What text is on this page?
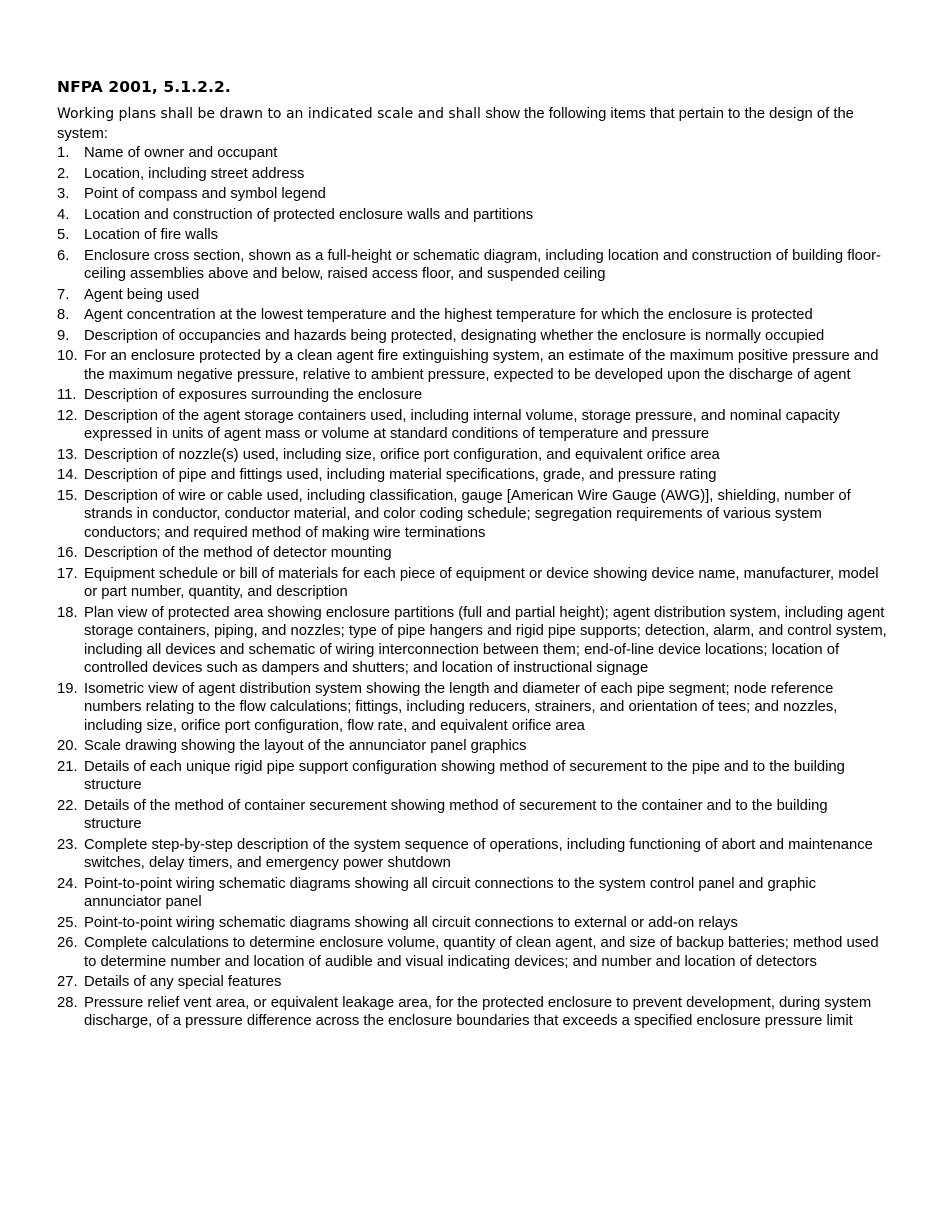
NFPA 2001, 5.1.2.2.

Working plans shall be drawn to an indicated scale and shall show the following items that pertain to the design of the system:

1. Name of owner and occupant
2. Location, including street address
3. Point of compass and symbol legend
4. Location and construction of protected enclosure walls and partitions
5. Location of fire walls
6. Enclosure cross section, shown as a full-height or schematic diagram, including location and construction of building floor-ceiling assemblies above and below, raised access floor, and suspended ceiling
7. Agent being used
8. Agent concentration at the lowest temperature and the highest temperature for which the enclosure is protected
9. Description of occupancies and hazards being protected, designating whether the enclosure is normally occupied
10. For an enclosure protected by a clean agent fire extinguishing system, an estimate of the maximum positive pressure and the maximum negative pressure, relative to ambient pressure, expected to be developed upon the discharge of agent
11. Description of exposures surrounding the enclosure
12. Description of the agent storage containers used, including internal volume, storage pressure, and nominal capacity expressed in units of agent mass or volume at standard conditions of temperature and pressure
13. Description of nozzle(s) used, including size, orifice port configuration, and equivalent orifice area
14. Description of pipe and fittings used, including material specifications, grade, and pressure rating
15. Description of wire or cable used, including classification, gauge [American Wire Gauge (AWG)], shielding, number of strands in conductor, conductor material, and color coding schedule; segregation requirements of various system conductors; and required method of making wire terminations
16. Description of the method of detector mounting
17. Equipment schedule or bill of materials for each piece of equipment or device showing device name, manufacturer, model or part number, quantity, and description
18. Plan view of protected area showing enclosure partitions (full and partial height); agent distribution system, including agent storage containers, piping, and nozzles; type of pipe hangers and rigid pipe supports; detection, alarm, and control system, including all devices and schematic of wiring interconnection between them; end-of-line device locations; location of controlled devices such as dampers and shutters; and location of instructional signage
19. Isometric view of agent distribution system showing the length and diameter of each pipe segment; node reference numbers relating to the flow calculations; fittings, including reducers, strainers, and orientation of tees; and nozzles, including size, orifice port configuration, flow rate, and equivalent orifice area
20. Scale drawing showing the layout of the annunciator panel graphics
21. Details of each unique rigid pipe support configuration showing method of securement to the pipe and to the building structure
22. Details of the method of container securement showing method of securement to the container and to the building structure
23. Complete step-by-step description of the system sequence of operations, including functioning of abort and maintenance switches, delay timers, and emergency power shutdown
24. Point-to-point wiring schematic diagrams showing all circuit connections to the system control panel and graphic annunciator panel
25. Point-to-point wiring schematic diagrams showing all circuit connections to external or add-on relays
26. Complete calculations to determine enclosure volume, quantity of clean agent, and size of backup batteries; method used to determine number and location of audible and visual indicating devices; and number and location of detectors
27. Details of any special features
28. Pressure relief vent area, or equivalent leakage area, for the protected enclosure to prevent development, during system discharge, of a pressure difference across the enclosure boundaries that exceeds a specified enclosure pressure limit
